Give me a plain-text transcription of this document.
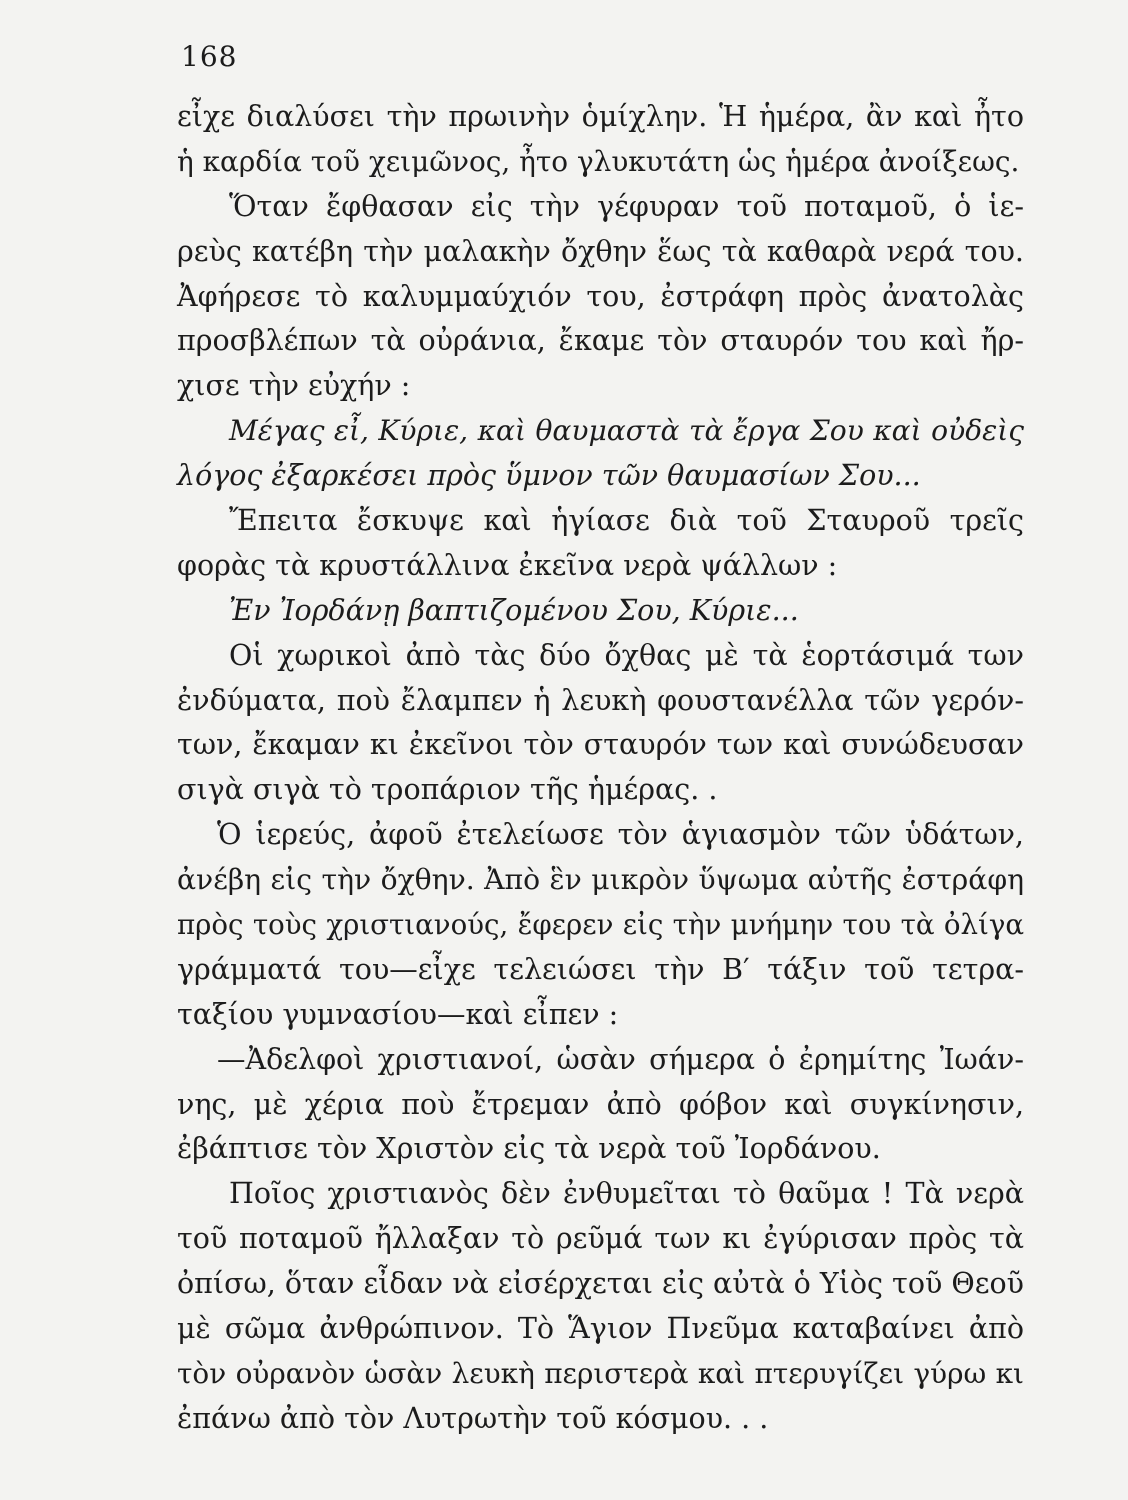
168
εἶχε διαλύσει τὴν πρωινὴν ὁμίχλην. Ἡ ἡμέρα, ἂν καὶ ἦτο
ἡ καρδία τοῦ χειμῶνος, ἦτο γλυκυτάτη ὡς ἡμέρα ἀνοίξεως.
Ὅταν ἔφθασαν εἰς τὴν γέφυραν τοῦ ποταμοῦ, ὁ ἱε-
ρεὺς κατέβη τὴν μαλακὴν ὄχθην ἕως τὰ καθαρὰ νερά του.
Ἀφήρεσε τὸ καλυμμαύχιόν του, ἐστράφη πρὸς ἀνατολὰς
προσβλέπων τὰ οὐράνια, ἔκαμε τὸν σταυρόν του καὶ ἤρ-
χισε τὴν εὐχήν :
Μέγας εἶ, Κύριε, καὶ θαυμαστὰ τὰ ἔργα Σου καὶ οὐδεὶς
λόγος ἐξαρκέσει πρὸς ὕμνον τῶν θαυμασίων Σου...
Ἔπειτα ἔσκυψε καὶ ἡγίασε διὰ τοῦ Σταυροῦ τρεῖς
φορὰς τὰ κρυστάλλινα ἐκεῖνα νερὰ ψάλλων :
Ἐν Ἰορδάνῃ βαπτιζομένου Σου, Κύριε...
Οἱ χωρικοὶ ἀπὸ τὰς δύο ὄχθας μὲ τὰ ἑορτάσιμά των
ἐνδύματα, ποὺ ἔλαμπεν ἡ λευκὴ φουστανέλλα τῶν γερόν-
των, ἔκαμαν κι ἐκεῖνοι τὸν σταυρόν των καὶ συνώδευσαν
σιγὰ σιγὰ τὸ τροπάριον τῆς ἡμέρας. .
Ὁ ἱερεύς, ἀφοῦ ἐτελείωσε τὸν ἁγιασμὸν τῶν ὑδάτων,
ἀνέβη εἰς τὴν ὄχθην. Ἀπὸ ἓν μικρὸν ὕψωμα αὐτῆς ἐστράφη
πρὸς τοὺς χριστιανούς, ἔφερεν εἰς τὴν μνήμην του τὰ ὀλίγα
γράμματά του—εἶχε τελειώσει τὴν Β′ τάξιν τοῦ τετρα-
ταξίου γυμνασίου—καὶ εἶπεν :
—Ἀδελφοὶ χριστιανοί, ὡσὰν σήμερα ὁ ἐρημίτης Ἰωάν-
νης, μὲ χέρια ποὺ ἔτρεμαν ἀπὸ φόβον καὶ συγκίνησιν,
ἐβάπτισε τὸν Χριστὸν εἰς τὰ νερὰ τοῦ Ἰορδάνου.
Ποῖος χριστιανὸς δὲν ἐνθυμεῖται τὸ θαῦμα ! Τὰ νερὰ
τοῦ ποταμοῦ ἤλλαξαν τὸ ρεῦμά των κι ἐγύρισαν πρὸς τὰ
ὀπίσω, ὅταν εἶδαν νὰ εἰσέρχεται εἰς αὐτὰ ὁ Υἱὸς τοῦ Θεοῦ
μὲ σῶμα ἀνθρώπινον. Τὸ Ἅγιον Πνεῦμα καταβαίνει ἀπὸ
τὸν οὐρανὸν ὡσὰν λευκὴ περιστερὰ καὶ πτερυγίζει γύρω κι
ἐπάνω ἀπὸ τὸν Λυτρωτὴν τοῦ κόσμου. . .
